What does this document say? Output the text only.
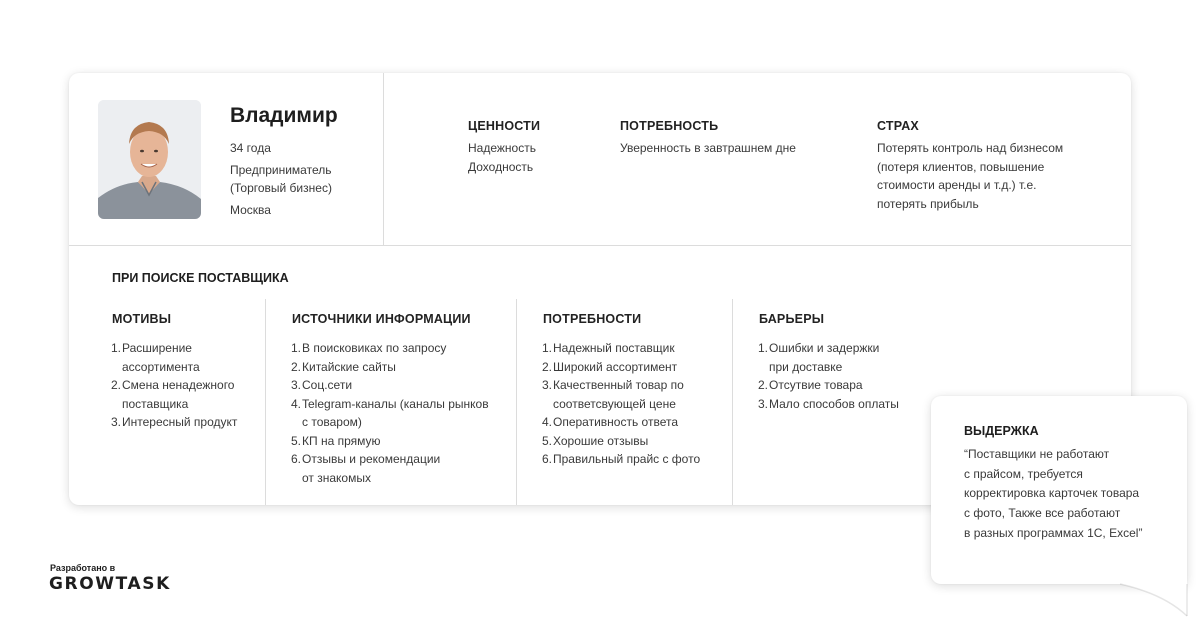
Владимир
34 года
Предприниматель
(Торговый бизнес)
Москва
ЦЕННОСТИ
Надежность
Доходность
ПОТРЕБНОСТЬ
Уверенность в завтрашнем дне
СТРАХ
Потерять контроль над бизнесом
(потеря клиентов, повышение
стоимости аренды и т.д.) т.е.
потерять прибыль
ПРИ ПОИСКЕ ПОСТАВЩИКА
МОТИВЫ
1. Расширение
ассортимента
2. Смена ненадежного
поставщика
3. Интересный продукт
ИСТОЧНИКИ ИНФОРМАЦИИ
1. В поисковиках по запросу
2. Китайские сайты
3. Соц.сети
4. Telegram-каналы (каналы рынков
с товаром)
5. КП на прямую
6. Отзывы и рекомендации
от знакомых
ПОТРЕБНОСТИ
1. Надежный поставщик
2. Широкий ассортимент
3. Качественный товар по
соответсвующей цене
4. Оперативность ответа
5. Хорошие отзывы
6. Правильный прайс с фото
БАРЬЕРЫ
1. Ошибки и задержки
при доставке
2. Отсутвие товара
3. Мало способов оплаты
ВЫДЕРЖКА
“Поставщики не работают
с прайсом, требуется
корректировка карточек товара
с фото, Также все работают
в разных программах 1С, Excel”
Разработано в
GROWTASK
